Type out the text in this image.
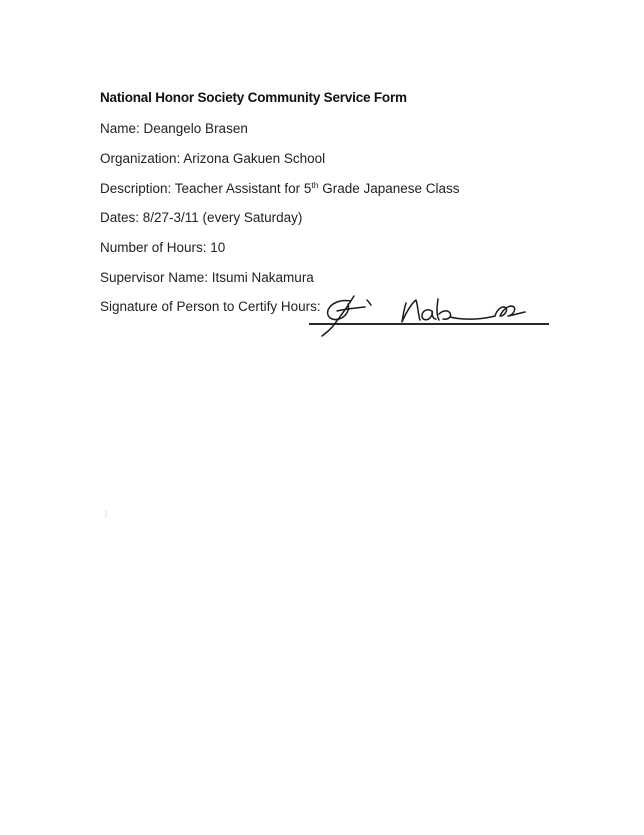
National Honor Society Community Service Form
Name: Deangelo Brasen
Organization: Arizona Gakuen School
Description: Teacher Assistant for 5th Grade Japanese Class
Dates: 8/27-3/11 (every Saturday)
Number of Hours: 10
Supervisor Name: Itsumi Nakamura
Signature of Person to Certify Hours:
